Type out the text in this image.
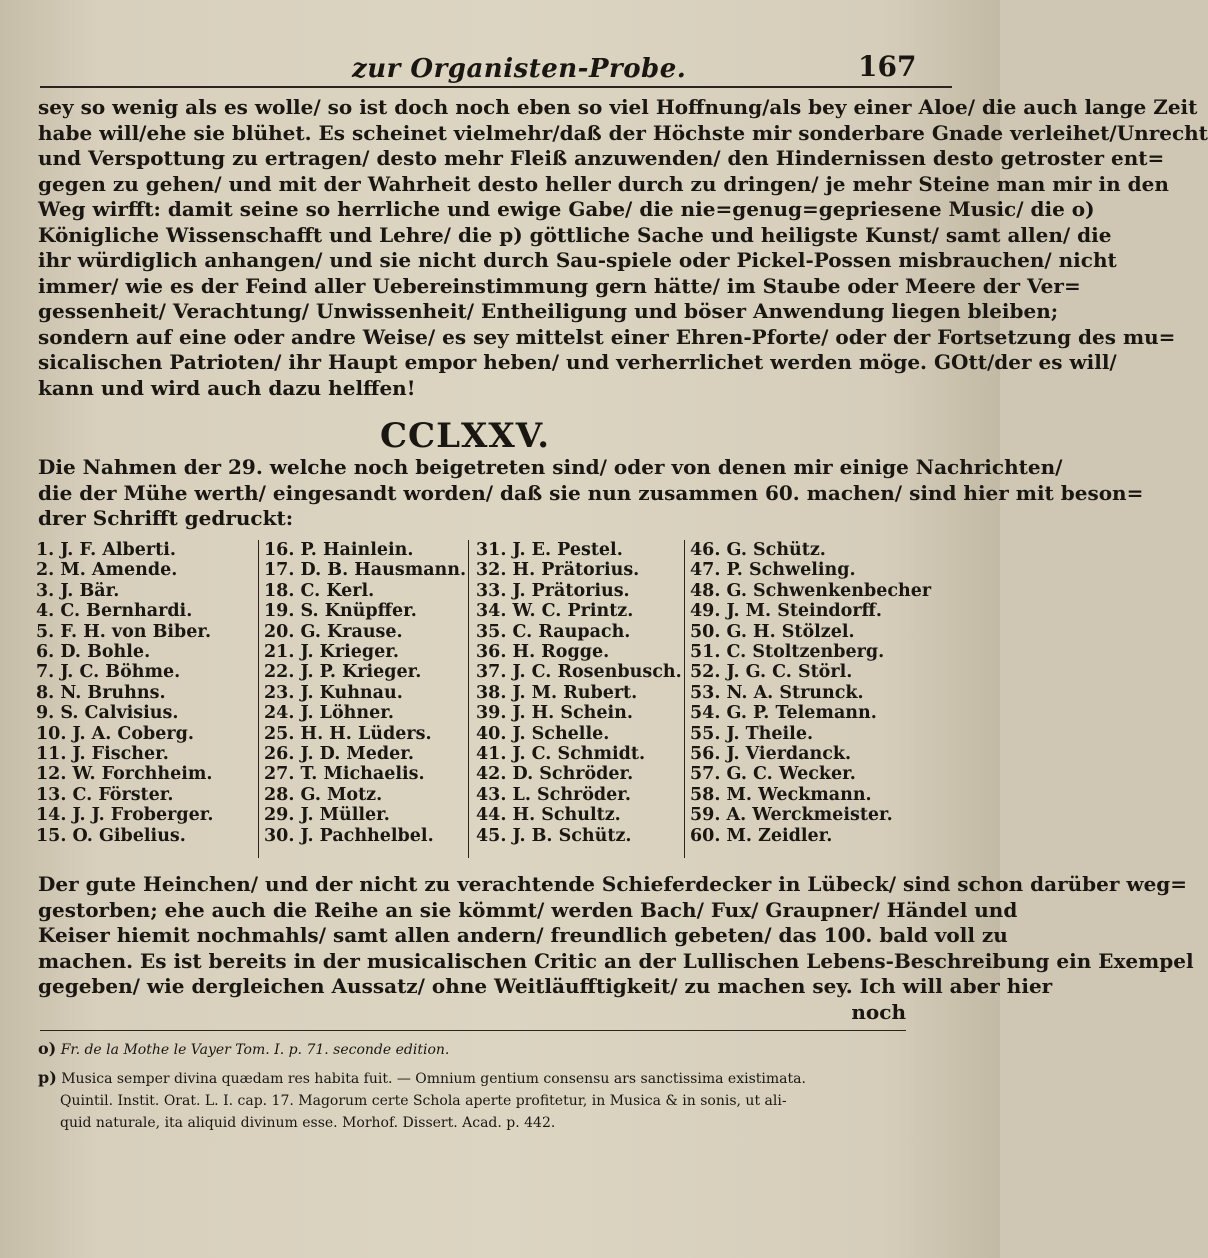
zur Organisten-Probe.	167
sey so wenig als es wolle/ so ist doch noch eben so viel Hoffnung/als bey einer Aloe/ die auch lange Zeit
habe will/ehe sie blühet. Es scheinet vielmehr/daß der Höchste mir sonderbare Gnade verleihet/Unrecht
und Verspottung zu ertragen/ desto mehr Fleiß anzuwenden/ den Hindernissen desto getroster ent=
gegen zu gehen/ und mit der Wahrheit desto heller durch zu dringen/ je mehr Steine man mir in den
Weg wirfft: damit seine so herrliche und ewige Gabe/ die nie=genug=gepriesene Music/ die o)
Königliche Wissenschafft und Lehre/ die p) göttliche Sache und heiligste Kunst/ samt allen/ die
ihr würdiglich anhangen/ und sie nicht durch Sau-spiele oder Pickel-Possen misbrauchen/ nicht
immer/ wie es der Feind aller Uebereinstimmung gern hätte/ im Staube oder Meere der Ver=
gessenheit/ Verachtung/ Unwissenheit/ Entheiligung und böser Anwendung liegen bleiben;
sondern auf eine oder andre Weise/ es sey mittelst einer Ehren-Pforte/ oder der Fortsetzung des mu=
sicalischen Patrioten/ ihr Haupt empor heben/ und verherrlichet werden möge. GOtt/der es will/
kann und wird auch dazu helffen!
CCLXXV.
Die Nahmen der 29. welche noch beigetreten sind/ oder von denen mir einige Nachrichten/
die der Mühe werth/ eingesandt worden/ daß sie nun zusammen 60. machen/ sind hier mit beson=
drer Schrifft gedruckt:
1. J. F. Alberti.
2. M. Amende.
3. J. Bär.
4. C. Bernhardi.
5. F. H. von Biber.
6. D. Bohle.
7. J. C. Böhme.
8. N. Bruhns.
9. S. Calvisius.
10. J. A. Coberg.
11. J. Fischer.
12. W. Forchheim.
13. C. Förster.
14. J. J. Froberger.
15. O. Gibelius.
16. P. Hainlein.
17. D. B. Hausmann.
18. C. Kerl.
19. S. Knüpffer.
20. G. Krause.
21. J. Krieger.
22. J. P. Krieger.
23. J. Kuhnau.
24. J. Löhner.
25. H. H. Lüders.
26. J. D. Meder.
27. T. Michaelis.
28. G. Motz.
29. J. Müller.
30. J. Pachhelbel.
31. J. E. Pestel.
32. H. Prätorius.
33. J. Prätorius.
34. W. C. Printz.
35. C. Raupach.
36. H. Rogge.
37. J. C. Rosenbusch.
38. J. M. Rubert.
39. J. H. Schein.
40. J. Schelle.
41. J. C. Schmidt.
42. D. Schröder.
43. L. Schröder.
44. H. Schultz.
45. J. B. Schütz.
46. G. Schütz.
47. P. Schweling.
48. G. Schwenkenbecher
49. J. M. Steindorff.
50. G. H. Stölzel.
51. C. Stoltzenberg.
52. J. G. C. Störl.
53. N. A. Strunck.
54. G. P. Telemann.
55. J. Theile.
56. J. Vierdanck.
57. G. C. Wecker.
58. M. Weckmann.
59. A. Werckmeister.
60. M. Zeidler.
Der gute Heinchen/ und der nicht zu verachtende Schieferdecker in Lübeck/ sind schon darüber weg=
gestorben; ehe auch die Reihe an sie kömmt/ werden Bach/ Fux/ Graupner/ Händel und
Keiser hiemit nochmahls/ samt allen andern/ freundlich gebeten/ das 100. bald voll zu
machen. Es ist bereits in der musicalischen Critic an der Lullischen Lebens-Beschreibung ein Exempel
gegeben/ wie dergleichen Aussatz/ ohne Weitläufftigkeit/ zu machen sey. Ich will aber hier
noch
o) Fr. de la Mothe le Vayer Tom. I. p. 71. seconde edition.
p) Musica semper divina quædam res habita fuit. — Omnium gentium consensu ars sanctissima existimata.
Quintil. Instit. Orat. L. I. cap. 17. Magorum certe Schola aperte profitetur, in Musica & in sonis, ut ali-
quid naturale, ita aliquid divinum esse. Morhof. Dissert. Acad. p. 442.
